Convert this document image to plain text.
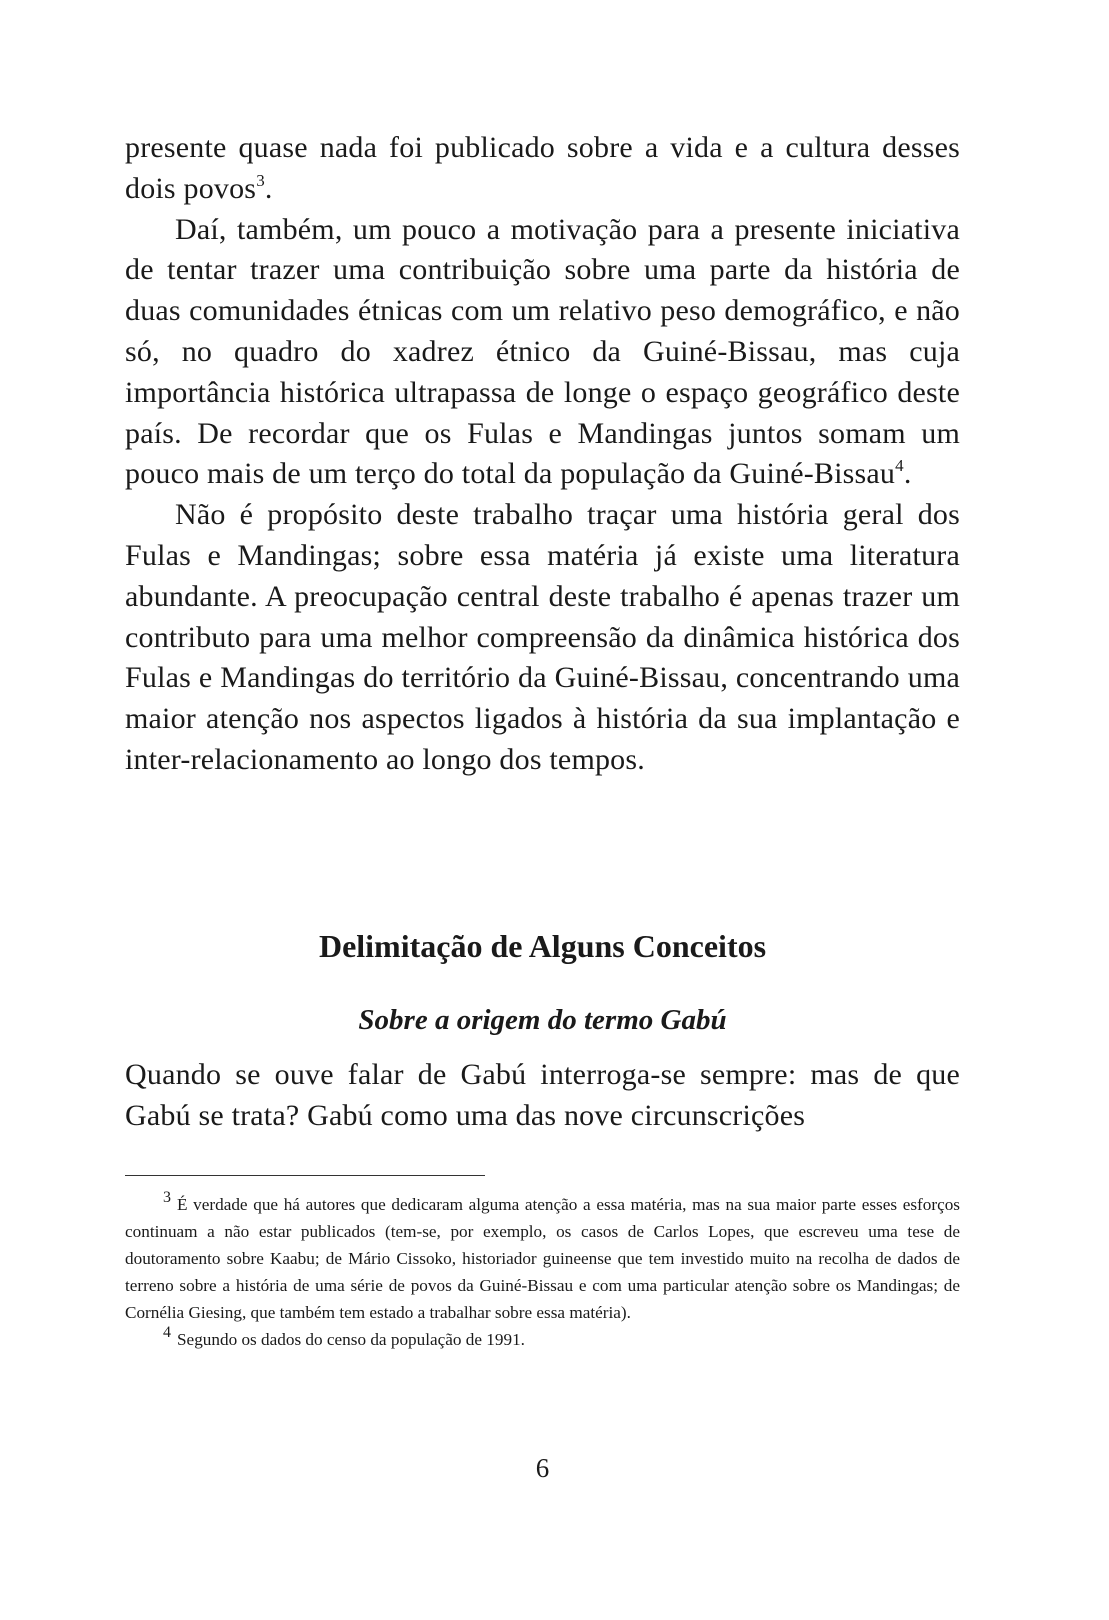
presente quase nada foi publicado sobre a vida e a cultura desses dois povos$^3$.

Daí, também, um pouco a motivação para a presente iniciativa de tentar trazer uma contribuição sobre uma parte da história de duas comunidades étnicas com um relativo peso demográfico, e não só, no quadro do xadrez étnico da Guiné-Bissau, mas cuja importância histórica ultrapassa de longe o espaço geográfico deste país. De recordar que os Fulas e Mandingas juntos somam um pouco mais de um terço do total da população da Guiné-Bissau$^4$.

Não é propósito deste trabalho traçar uma história geral dos Fulas e Mandingas; sobre essa matéria já existe uma literatura abundante. A preocupação central deste trabalho é apenas trazer um contributo para uma melhor compreensão da dinâmica histórica dos Fulas e Mandingas do território da Guiné-Bissau, concentrando uma maior atenção nos aspectos ligados à história da sua implantação e inter-relacionamento ao longo dos tempos.

Delimitação de Alguns Conceitos
Sobre a origem do termo Gabú

Quando se ouve falar de Gabú interroga-se sempre: mas de que Gabú se trata? Gabú como uma das nove circunscrições

3 É verdade que há autores que dedicaram alguma atenção a essa matéria, mas na sua maior parte esses esforços continuam a não estar publicados (tem-se, por exemplo, os casos de Carlos Lopes, que escreveu uma tese de doutoramento sobre Kaabu; de Mário Cissoko, historiador guineense que tem investido muito na recolha de dados de terreno sobre a história de uma série de povos da Guiné-Bissau e com uma particular atenção sobre os Mandingas; de Cornélia Giesing, que também tem estado a trabalhar sobre essa matéria).

4 Segundo os dados do censo da população de 1991.

6
